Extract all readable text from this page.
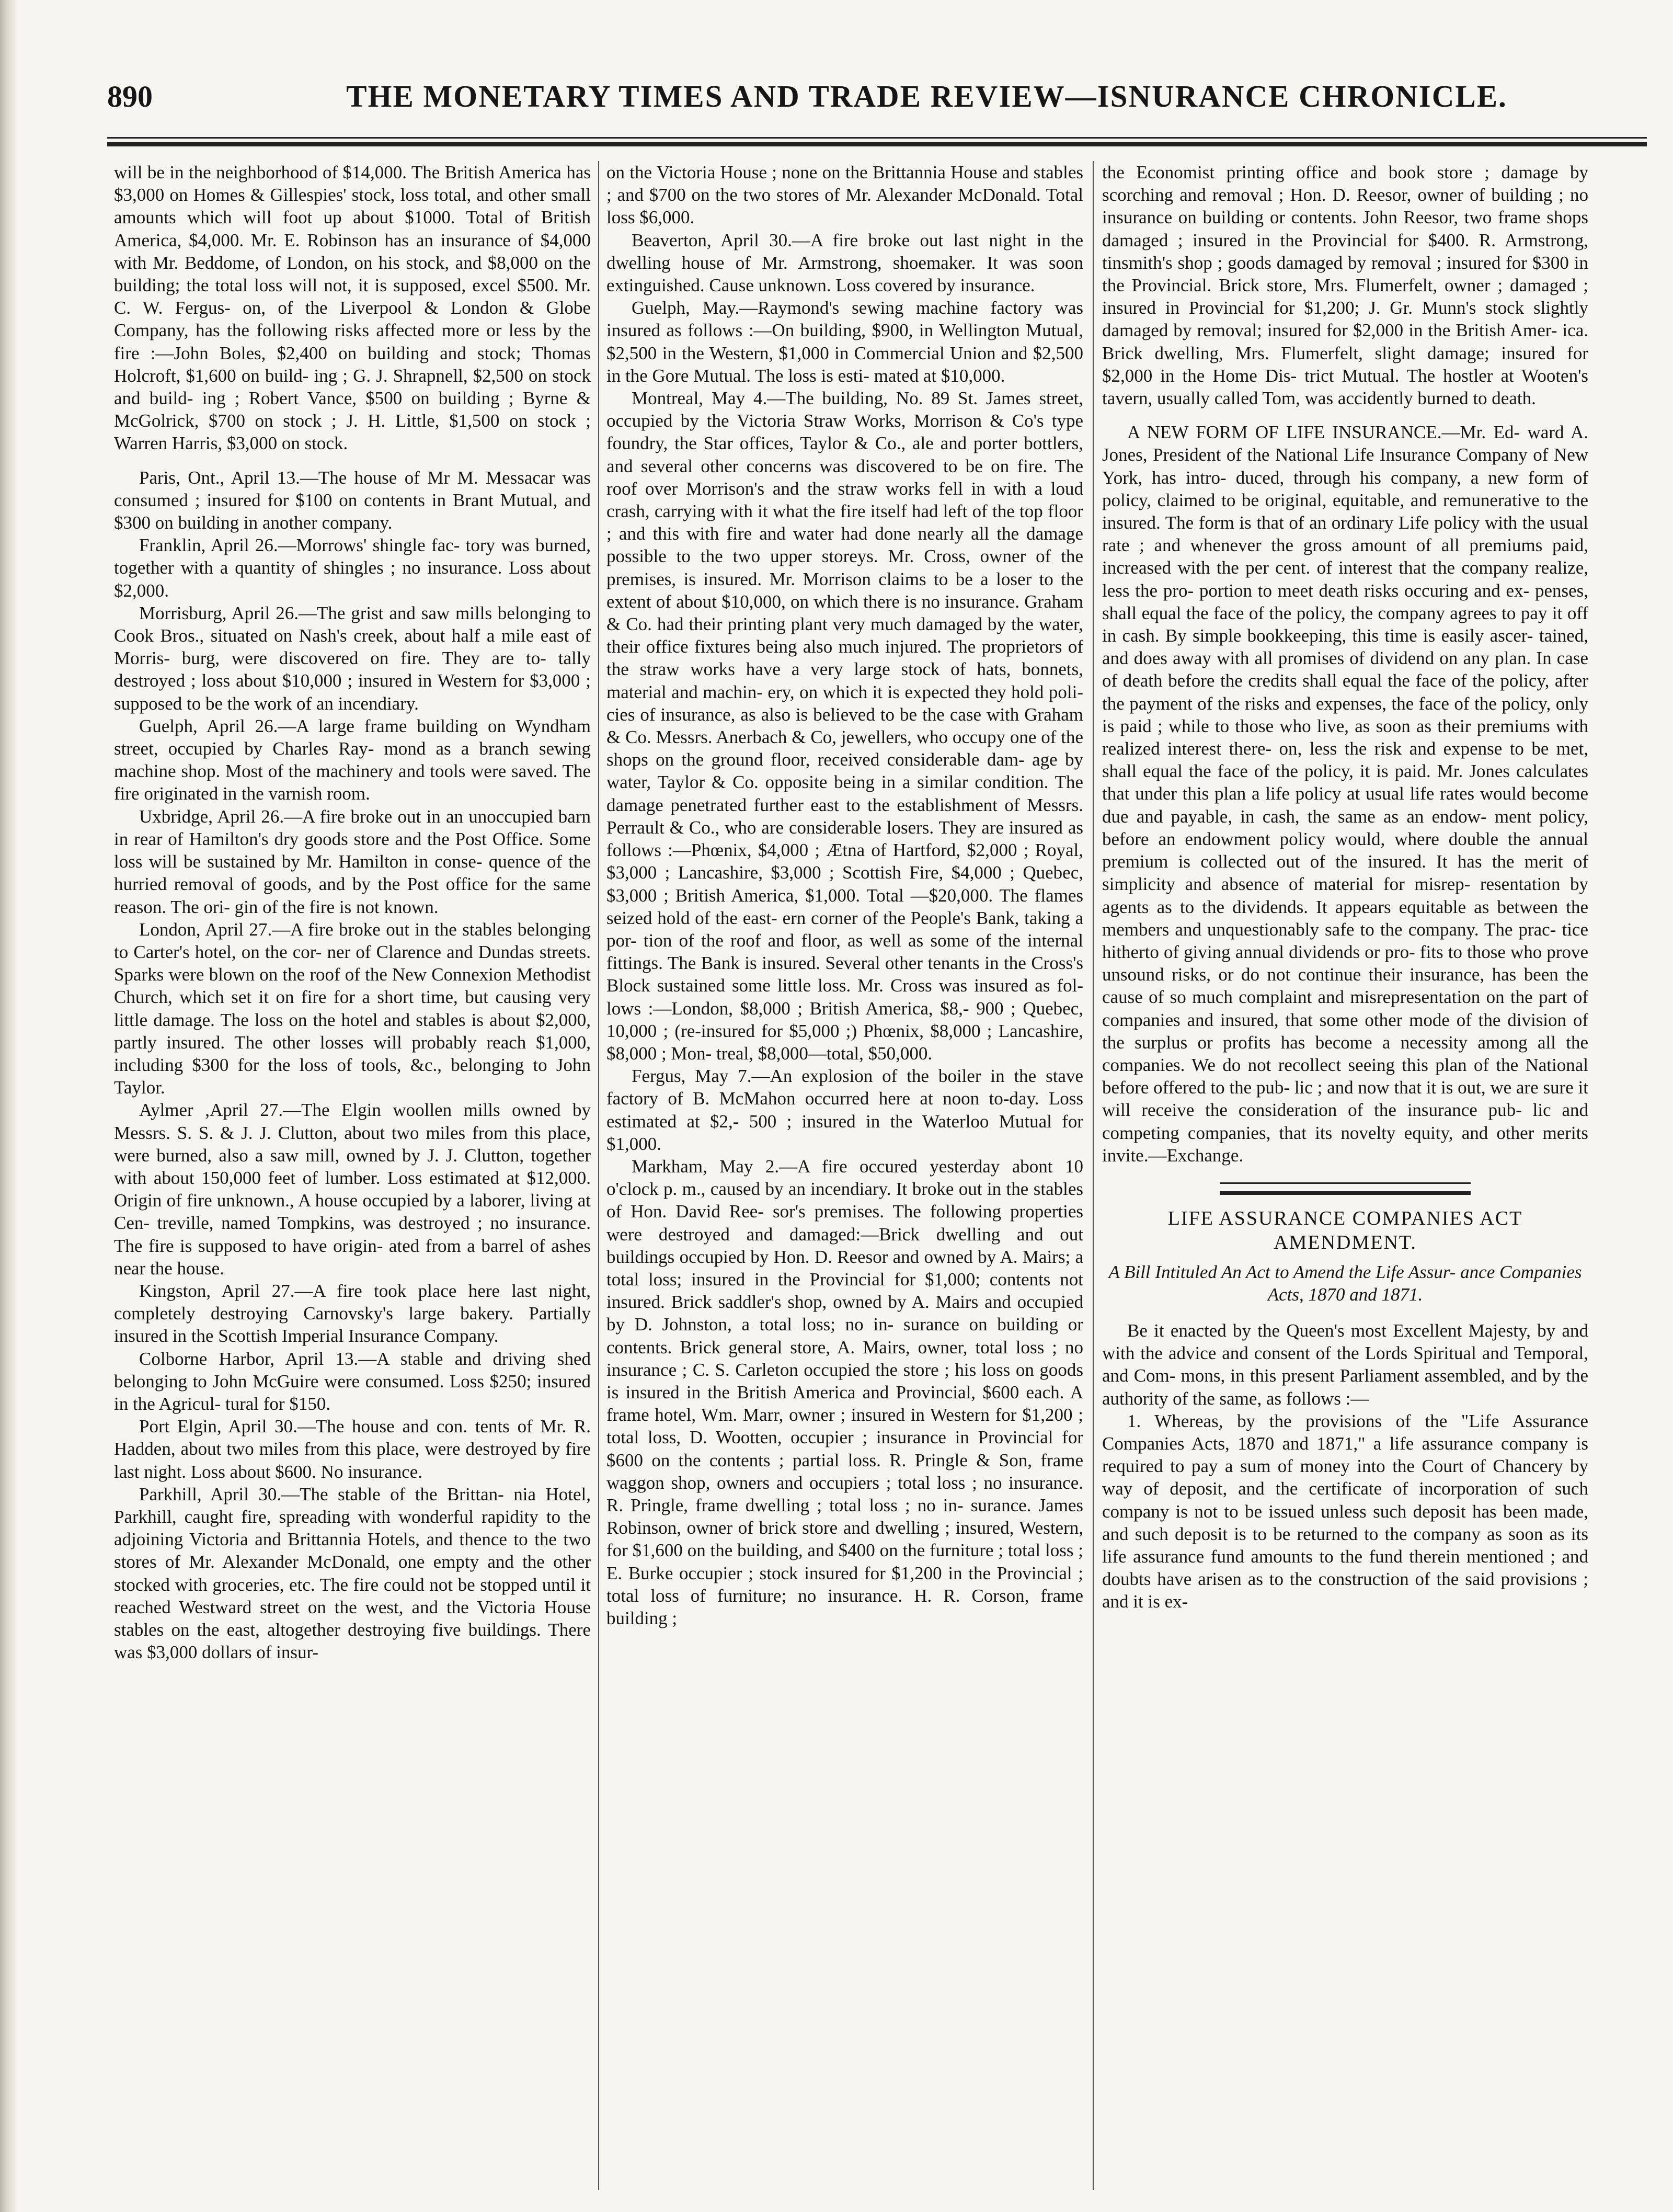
890	THE MONETARY TIMES AND TRADE REVIEW—ISNURANCE CHRONICLE.

will be in the neighborhood of $14,000. The British America has $3,000 on Homes & Gillespies' stock, loss total, and other small amounts which will foot up about $1000. Total of British America, $4,000. Mr. E. Robinson has an insurance of $4,000 with Mr. Beddome, of London, on his stock, and $8,000 on the building; the total loss will not, it is supposed, excel $500. Mr. C. W. Fergus- on, of the Liverpool & London & Globe Company, has the following risks affected more or less by the fire :—John Boles, $2,400 on building and stock; Thomas Holcroft, $1,600 on build- ing ; G. J. Shrapnell, $2,500 on stock and build- ing ; Robert Vance, $500 on building ; Byrne & McGolrick, $700 on stock ; J. H. Little, $1,500 on stock ; Warren Harris, $3,000 on stock.

Paris, Ont., April 13.—The house of Mr M. Messacar was consumed ; insured for $100 on contents in Brant Mutual, and $300 on building in another company.

Franklin, April 26.—Morrows' shingle fac- tory was burned, together with a quantity of shingles ; no insurance. Loss about $2,000.

Morrisburg, April 26.—The grist and saw mills belonging to Cook Bros., situated on Nash's creek, about half a mile east of Morris- burg, were discovered on fire. They are to- tally destroyed ; loss about $10,000 ; insured in Western for $3,000 ; supposed to be the work of an incendiary.

Guelph, April 26.—A large frame building on Wyndham street, occupied by Charles Ray- mond as a branch sewing machine shop. Most of the machinery and tools were saved. The fire originated in the varnish room.

Uxbridge, April 26.—A fire broke out in an unoccupied barn in rear of Hamilton's dry goods store and the Post Office. Some loss will be sustained by Mr. Hamilton in conse- quence of the hurried removal of goods, and by the Post office for the same reason. The ori- gin of the fire is not known.

London, April 27.—A fire broke out in the stables belonging to Carter's hotel, on the cor- ner of Clarence and Dundas streets. Sparks were blown on the roof of the New Connexion Methodist Church, which set it on fire for a short time, but causing very little damage. The loss on the hotel and stables is about $2,000, partly insured. The other losses will probably reach $1,000, including $300 for the loss of tools, &c., belonging to John Taylor.

Aylmer ,April 27.—The Elgin woollen mills owned by Messrs. S. S. & J. J. Clutton, about two miles from this place, were burned, also a saw mill, owned by J. J. Clutton, together with about 150,000 feet of lumber. Loss estimated at $12,000. Origin of fire unknown., A house occupied by a laborer, living at Cen- treville, named Tompkins, was destroyed ; no insurance. The fire is supposed to have origin- ated from a barrel of ashes near the house.

Kingston, April 27.—A fire took place here last night, completely destroying Carnovsky's large bakery. Partially insured in the Scottish Imperial Insurance Company.

Colborne Harbor, April 13.—A stable and driving shed belonging to John McGuire were consumed. Loss $250; insured in the Agricul- tural for $150.

Port Elgin, April 30.—The house and con. tents of Mr. R. Hadden, about two miles from this place, were destroyed by fire last night. Loss about $600. No insurance.

Parkhill, April 30.—The stable of the Brittan- nia Hotel, Parkhill, caught fire, spreading with wonderful rapidity to the adjoining Victoria and Brittannia Hotels, and thence to the two stores of Mr. Alexander McDonald, one empty and the other stocked with groceries, etc. The fire could not be stopped until it reached Westward street on the west, and the Victoria House stables on the east, altogether destroying five buildings. There was $3,000 dollars of insur-

on the Victoria House ; none on the Brittannia House and stables ; and $700 on the two stores of Mr. Alexander McDonald. Total loss $6,000.

Beaverton, April 30.—A fire broke out last night in the dwelling house of Mr. Armstrong, shoemaker. It was soon extinguished. Cause unknown. Loss covered by insurance.

Guelph, May.—Raymond's sewing machine factory was insured as follows :—On building, $900, in Wellington Mutual, $2,500 in the Western, $1,000 in Commercial Union and $2,500 in the Gore Mutual. The loss is esti- mated at $10,000.

Montreal, May 4.—The building, No. 89 St. James street, occupied by the Victoria Straw Works, Morrison & Co's type foundry, the Star offices, Taylor & Co., ale and porter bottlers, and several other concerns was discovered to be on fire. The roof over Morrison's and the straw works fell in with a loud crash, carrying with it what the fire itself had left of the top floor ; and this with fire and water had done nearly all the damage possible to the two upper storeys. Mr. Cross, owner of the premises, is insured. Mr. Morrison claims to be a loser to the extent of about $10,000, on which there is no insurance. Graham & Co. had their printing plant very much damaged by the water, their office fixtures being also much injured. The proprietors of the straw works have a very large stock of hats, bonnets, material and machin- ery, on which it is expected they hold poli- cies of insurance, as also is believed to be the case with Graham & Co. Messrs. Anerbach & Co, jewellers, who occupy one of the shops on the ground floor, received considerable dam- age by water, Taylor & Co. opposite being in a similar condition. The damage penetrated further east to the establishment of Messrs. Perrault & Co., who are considerable losers. They are insured as follows :—Phœnix, $4,000 ; Ætna of Hartford, $2,000 ; Royal, $3,000 ; Lancashire, $3,000 ; Scottish Fire, $4,000 ; Quebec, $3,000 ; British America, $1,000. Total —$20,000. The flames seized hold of the east- ern corner of the People's Bank, taking a por- tion of the roof and floor, as well as some of the internal fittings. The Bank is insured. Several other tenants in the Cross's Block sustained some little loss. Mr. Cross was insured as fol- lows :—London, $8,000 ; British America, $8,- 900 ; Quebec, 10,000 ; (re-insured for $5,000 ;) Phœnix, $8,000 ; Lancashire, $8,000 ; Mon- treal, $8,000—total, $50,000.

Fergus, May 7.—An explosion of the boiler in the stave factory of B. McMahon occurred here at noon to-day. Loss estimated at $2,- 500 ; insured in the Waterloo Mutual for $1,000.

Markham, May 2.—A fire occured yesterday abont 10 o'clock p. m., caused by an incendiary. It broke out in the stables of Hon. David Ree- sor's premises. The following properties were destroyed and damaged:—Brick dwelling and out buildings occupied by Hon. D. Reesor and owned by A. Mairs; a total loss; insured in the Provincial for $1,000; contents not insured. Brick saddler's shop, owned by A. Mairs and occupied by D. Johnston, a total loss; no in- surance on building or contents. Brick general store, A. Mairs, owner, total loss ; no insurance ; C. S. Carleton occupied the store ; his loss on goods is insured in the British America and Provincial, $600 each. A frame hotel, Wm. Marr, owner ; insured in Western for $1,200 ; total loss, D. Wootten, occupier ; insurance in Provincial for $600 on the contents ; partial loss. R. Pringle & Son, frame waggon shop, owners and occupiers ; total loss ; no insurance. R. Pringle, frame dwelling ; total loss ; no in- surance. James Robinson, owner of brick store and dwelling ; insured, Western, for $1,600 on the building, and $400 on the furniture ; total loss ; E. Burke occupier ; stock insured for $1,200 in the Provincial ; total loss of furniture; no insurance. H. R. Corson, frame building ;

the Economist printing office and book store ; damage by scorching and removal ; Hon. D. Reesor, owner of building ; no insurance on building or contents. John Reesor, two frame shops damaged ; insured in the Provincial for $400. R. Armstrong, tinsmith's shop ; goods damaged by removal ; insured for $300 in the Provincial. Brick store, Mrs. Flumerfelt, owner ; damaged ; insured in Provincial for $1,200; J. Gr. Munn's stock slightly damaged by removal; insured for $2,000 in the British Amer- ica. Brick dwelling, Mrs. Flumerfelt, slight damage; insured for $2,000 in the Home Dis- trict Mutual. The hostler at Wooten's tavern, usually called Tom, was accidently burned to death.

A NEW FORM OF LIFE INSURANCE.—Mr. Ed- ward A. Jones, President of the National Life Insurance Company of New York, has intro- duced, through his company, a new form of policy, claimed to be original, equitable, and remunerative to the insured. The form is that of an ordinary Life policy with the usual rate ; and whenever the gross amount of all premiums paid, increased with the per cent. of interest that the company realize, less the pro- portion to meet death risks occuring and ex- penses, shall equal the face of the policy, the company agrees to pay it off in cash. By simple bookkeeping, this time is easily ascer- tained, and does away with all promises of dividend on any plan. In case of death before the credits shall equal the face of the policy, after the payment of the risks and expenses, the face of the policy, only is paid ; while to those who live, as soon as their premiums with realized interest there- on, less the risk and expense to be met, shall equal the face of the policy, it is paid. Mr. Jones calculates that under this plan a life policy at usual life rates would become due and payable, in cash, the same as an endow- ment policy, before an endowment policy would, where double the annual premium is collected out of the insured. It has the merit of simplicity and absence of material for misrep- resentation by agents as to the dividends. It appears equitable as between the members and unquestionably safe to the company. The prac- tice hitherto of giving annual dividends or pro- fits to those who prove unsound risks, or do not continue their insurance, has been the cause of so much complaint and misrepresentation on the part of companies and insured, that some other mode of the division of the surplus or profits has become a necessity among all the companies. We do not recollect seeing this plan of the National before offered to the pub- lic ; and now that it is out, we are sure it will receive the consideration of the insurance pub- lic and competing companies, that its novelty equity, and other merits invite.—Exchange.

LIFE ASSURANCE COMPANIES ACT AMENDMENT.

A Bill Intituled An Act to Amend the Life Assur- ance Companies Acts, 1870 and 1871.

Be it enacted by the Queen's most Excellent Majesty, by and with the advice and consent of the Lords Spiritual and Temporal, and Com- mons, in this present Parliament assembled, and by the authority of the same, as follows :—

1. Whereas, by the provisions of the "Life Assurance Companies Acts, 1870 and 1871," a life assurance company is required to pay a sum of money into the Court of Chancery by way of deposit, and the certificate of incorporation of such company is not to be issued unless such deposit has been made, and such deposit is to be returned to the company as soon as its life assurance fund amounts to the fund therein mentioned ; and doubts have arisen as to the construction of the said provisions ; and it is ex-
